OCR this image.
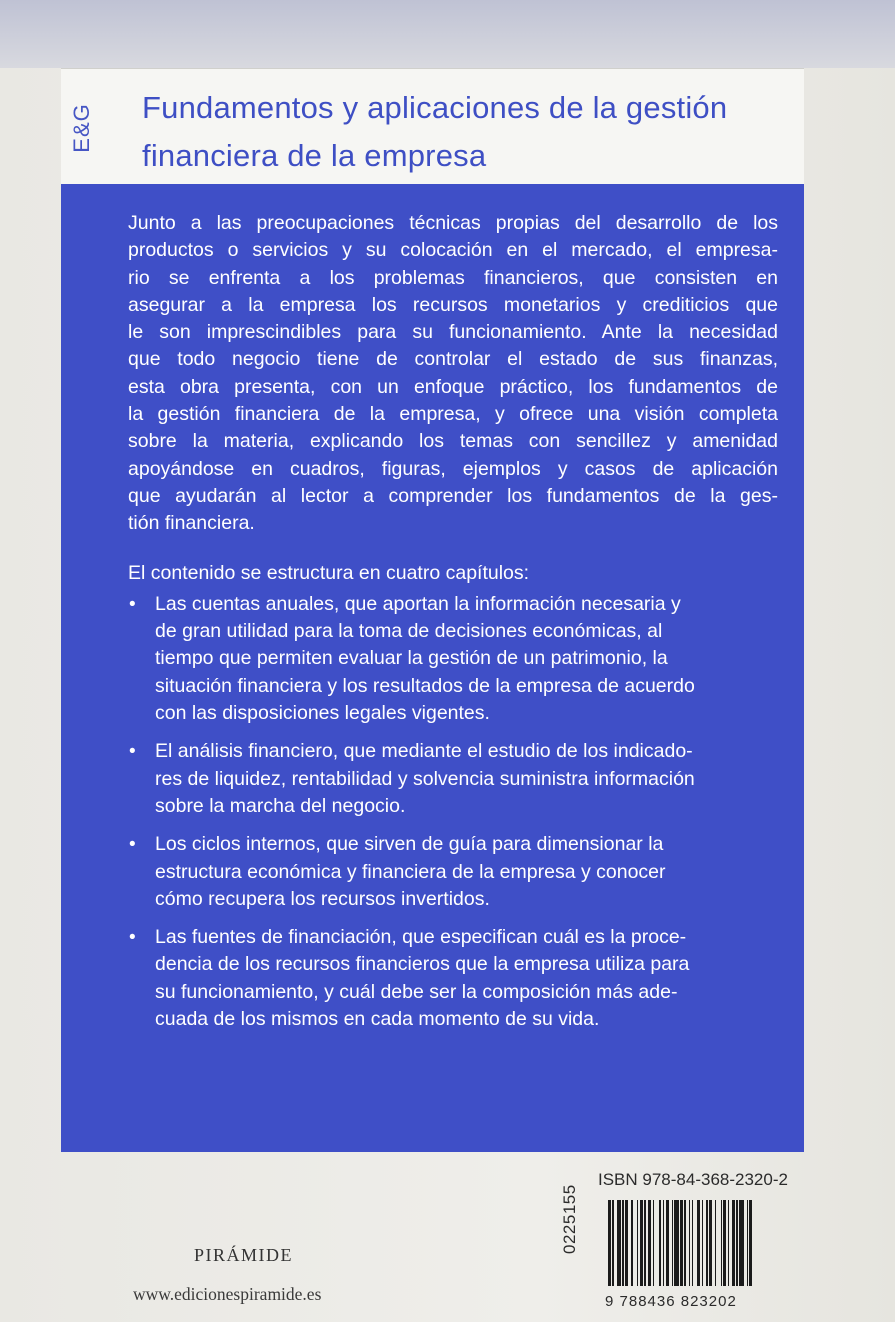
E&G	Fundamentos y aplicaciones de la gestión
financiera de la empresa

Junto a las preocupaciones técnicas propias del desarrollo de los
productos o servicios y su colocación en el mercado, el empresa-
rio se enfrenta a los problemas financieros, que consisten en
asegurar a la empresa los recursos monetarios y crediticios que
le son imprescindibles para su funcionamiento. Ante la necesidad
que todo negocio tiene de controlar el estado de sus finanzas,
esta obra presenta, con un enfoque práctico, los fundamentos de
la gestión financiera de la empresa, y ofrece una visión completa
sobre la materia, explicando los temas con sencillez y amenidad
apoyándose en cuadros, figuras, ejemplos y casos de aplicación
que ayudarán al lector a comprender los fundamentos de la ges-
tión financiera.

El contenido se estructura en cuatro capítulos:

• Las cuentas anuales, que aportan la información necesaria y
de gran utilidad para la toma de decisiones económicas, al
tiempo que permiten evaluar la gestión de un patrimonio, la
situación financiera y los resultados de la empresa de acuerdo
con las disposiciones legales vigentes.
• El análisis financiero, que mediante el estudio de los indicado-
res de liquidez, rentabilidad y solvencia suministra información
sobre la marcha del negocio.
• Los ciclos internos, que sirven de guía para dimensionar la
estructura económica y financiera de la empresa y conocer
cómo recupera los recursos invertidos.
• Las fuentes de financiación, que especifican cuál es la proce-
dencia de los recursos financieros que la empresa utiliza para
su funcionamiento, y cuál debe ser la composición más ade-
cuada de los mismos en cada momento de su vida.
ISBN 978-84-368-2320-2
9 788436 823202
0225155
PIRÁMIDE
www.edicionespiramide.es
